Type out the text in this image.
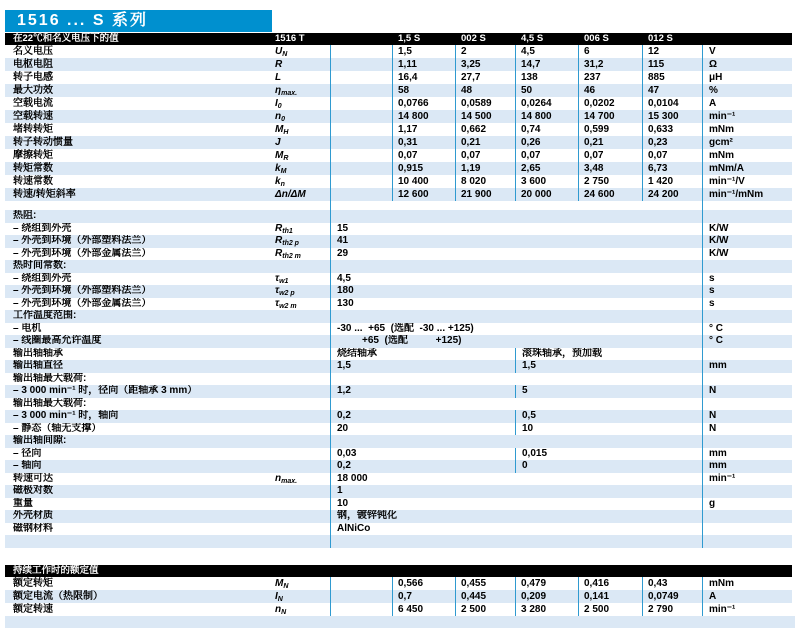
1516 ... S 系列
在22℃和名义电压下的值	1516 T	1,5 S	002 S	4,5 S	006 S	012 S
名义电压	$U_N$	1,5	2	4,5	6	12	V
电枢电阻	R	1,11	3,25	14,7	31,2	115	Ω
转子电感	L	16,4	27,7	138	237	885	μH
最大功效	$\eta_{max.}$	58	48	50	46	47	%
空载电流	$I_0$	0,0766	0,0589	0,0264	0,0202	0,0104	A
空载转速	$n_0$	14 800	14 500	14 800	14 700	15 300	min⁻¹
堵转转矩	$M_H$	1,17	0,662	0,74	0,599	0,633	mNm
转子转动惯量	J	0,31	0,21	0,26	0,21	0,23	gcm²
摩擦转矩	$M_R$	0,07	0,07	0,07	0,07	0,07	mNm
转矩常数	$k_M$	0,915	1,19	2,65	3,48	6,73	mNm/A
转速常数	$k_n$	10 400	8 020	3 600	2 750	1 420	min⁻¹/V
转速/转矩斜率	Δn/ΔM	12 600	21 900	20 000	24 600	24 200	min⁻¹/mNm
热阻:
– 绕组到外壳	$R_{th1}$	15	K/W
– 外壳到环境（外部塑料法兰）	$R_{th2 p}$	41	K/W
– 外壳到环境（外部金属法兰）	$R_{th2 m}$	29	K/W
热时间常数:
– 绕组到外壳	$\tau_{w1}$	4,5	s
– 外壳到环境（外部塑料法兰）	$\tau_{w2 p}$	180	s
– 外壳到环境（外部金属法兰）	$\tau_{w2 m}$	130	s
工作温度范围:
– 电机	-30 ...  +65  (选配  -30 ... +125)	° C
– 线圈最高允许温度	+65  (选配          +125)	° C
输出轴轴承	烧结轴承	滚珠轴承，预加载
输出轴直径	1,5	1,5	mm
输出轴最大载荷:
– 3 000 min⁻¹ 时，径向（距轴承 3 mm）	1,2	5	N
输出轴最大载荷:
– 3 000 min⁻¹ 时，轴向	0,2	0,5	N
– 静态（轴无支撑）	20	10	N
输出轴间隙:
– 径向	0,03	0,015	mm
– 轴向	0,2	0	mm
转速可达	$n_{max.}$	18 000	min⁻¹
磁极对数	1
重量	10	g
外壳材质	钢，镀锌钝化
磁钢材料	AlNiCo
持续工作时的额定值
额定转矩	$M_N$	0,566	0,455	0,479	0,416	0,43	mNm
额定电流（热限制）	$I_N$	0,7	0,445	0,209	0,141	0,0749	A
额定转速	$n_N$	6 450	2 500	3 280	2 500	2 790	min⁻¹
